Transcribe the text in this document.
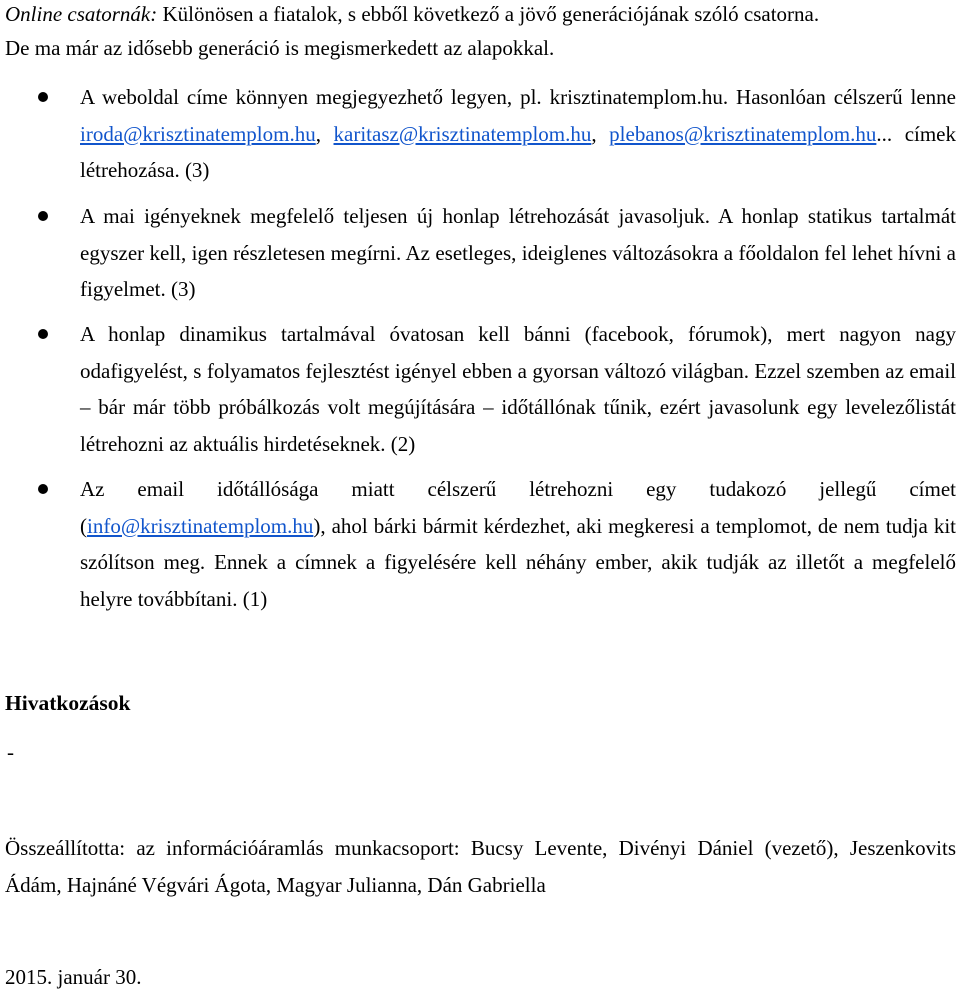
Online csatornák: Különösen a fiatalok, s ebből következő a jövő generációjának szóló csatorna.
De ma már az idősebb generáció is megismerkedett az alapokkal.

A weboldal címe könnyen megjegyezhető legyen, pl. krisztinatemplom.hu. Hasonlóan célszerű lenne iroda@krisztinatemplom.hu, karitasz@krisztinatemplom.hu, plebanos@krisztinatemplom.hu... címek létrehozása. (3)

A mai igényeknek megfelelő teljesen új honlap létrehozását javasoljuk. A honlap statikus tartalmát egyszer kell, igen részletesen megírni. Az esetleges, ideiglenes változásokra a főoldalon fel lehet hívni a figyelmet. (3)

A honlap dinamikus tartalmával óvatosan kell bánni (facebook, fórumok), mert nagyon nagy odafigyelést, s folyamatos fejlesztést igényel ebben a gyorsan változó világban. Ezzel szemben az email – bár már több próbálkozás volt megújítására – időtállónak tűnik, ezért javasolunk egy levelezőlistát létrehozni az aktuális hirdetéseknek. (2)

Az email időtállósága miatt célszerű létrehozni egy tudakozó jellegű címet (info@krisztinatemplom.hu), ahol bárki bármit kérdezhet, aki megkeresi a templomot, de nem tudja kit szólítson meg. Ennek a címnek a figyelésére kell néhány ember, akik tudják az illetőt a megfelelő helyre továbbítani. (1)

Hivatkozások
-
Összeállította: az információáramlás munkacsoport: Bucsy Levente, Divényi Dániel (vezető), Jeszenkovits Ádám, Hajnáné Végvári Ágota, Magyar Julianna, Dán Gabriella
2015. január 30.
